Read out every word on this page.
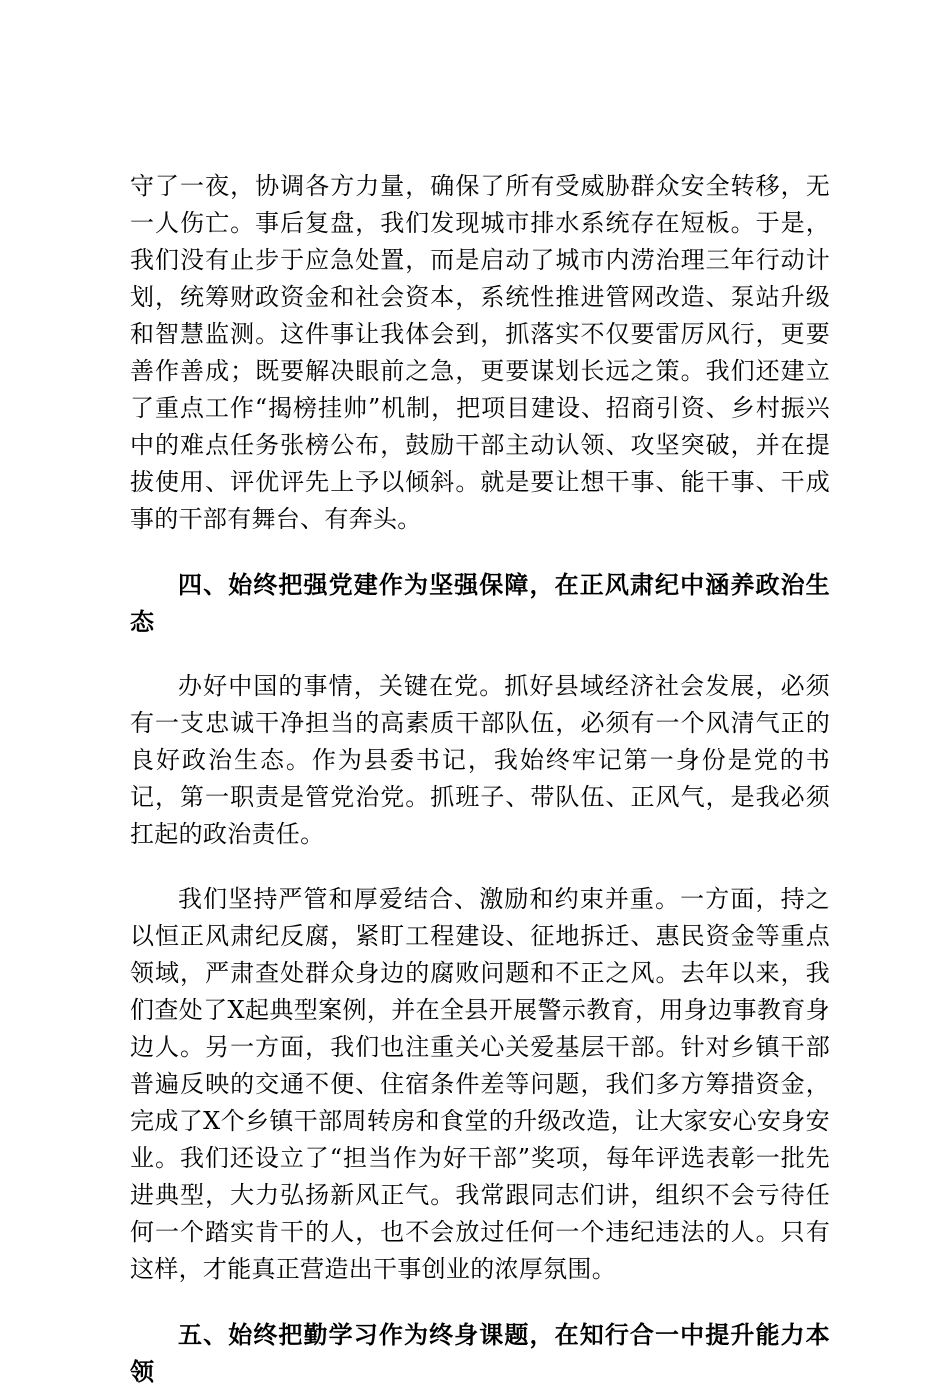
守了一夜，协调各方力量，确保了所有受威胁群众安全转移，无一人伤亡。事后复盘，我们发现城市排水系统存在短板。于是，我们没有止步于应急处置，而是启动了城市内涝治理三年行动计划，统筹财政资金和社会资本，系统性推进管网改造、泵站升级和智慧监测。这件事让我体会到，抓落实不仅要雷厉风行，更要善作善成；既要解决眼前之急，更要谋划长远之策。我们还建立了重点工作“揭榜挂帅”机制，把项目建设、招商引资、乡村振兴中的难点任务张榜公布，鼓励干部主动认领、攻坚突破，并在提拔使用、评优评先上予以倾斜。就是要让想干事、能干事、干成事的干部有舞台、有奔头。

四、始终把强党建作为坚强保障，在正风肃纪中涵养政治生态

办好中国的事情，关键在党。抓好县域经济社会发展，必须有一支忠诚干净担当的高素质干部队伍，必须有一个风清气正的良好政治生态。作为县委书记，我始终牢记第一身份是党的书记，第一职责是管党治党。抓班子、带队伍、正风气，是我必须扛起的政治责任。

我们坚持严管和厚爱结合、激励和约束并重。一方面，持之以恒正风肃纪反腐，紧盯工程建设、征地拆迁、惠民资金等重点领域，严肃查处群众身边的腐败问题和不正之风。去年以来，我们查处了X起典型案例，并在全县开展警示教育，用身边事教育身边人。另一方面，我们也注重关心关爱基层干部。针对乡镇干部普遍反映的交通不便、住宿条件差等问题，我们多方筹措资金，完成了X个乡镇干部周转房和食堂的升级改造，让大家安心安身安业。我们还设立了“担当作为好干部”奖项，每年评选表彰一批先进典型，大力弘扬新风正气。我常跟同志们讲，组织不会亏待任何一个踏实肯干的人，也不会放过任何一个违纪违法的人。只有这样，才能真正营造出干事创业的浓厚氛围。

五、始终把勤学习作为终身课题，在知行合一中提升能力本领
